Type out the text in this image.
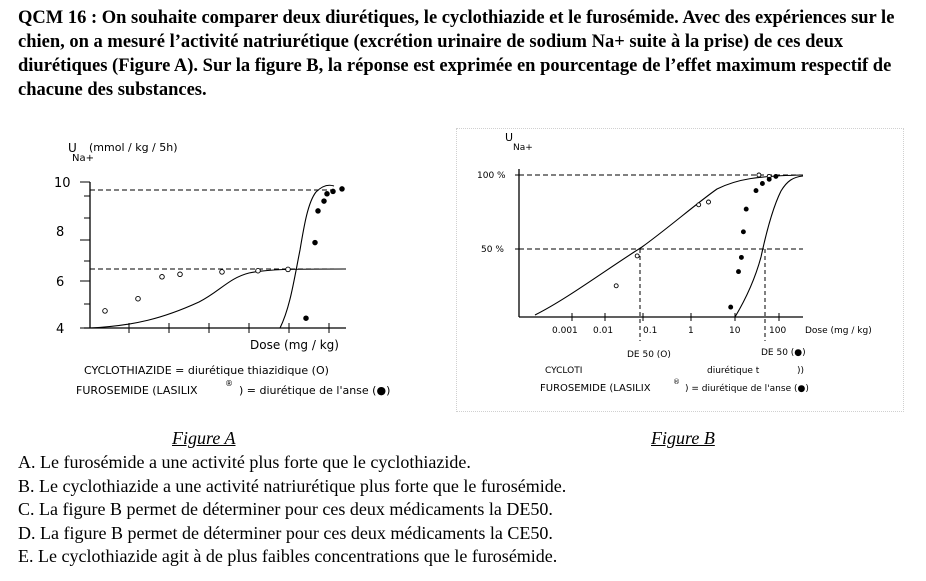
QCM 16 : On souhaite comparer deux diurétiques, le cyclothiazide et le furosémide. Avec des expériences sur le chien, on a mesuré l’activité natriurétique (excrétion urinaire de sodium Na+ suite à la prise) de ces deux diurétiques (Figure A). Sur la figure B, la réponse est exprimée en pourcentage de l’effet maximum respectif de chacune des substances.

U
Na+
(mmol / kg / 5h)
10
8
6
4
Dose (mg / kg)
CYCLOTHIAZIDE = diurétique thiazidique (O)
FUROSEMIDE (LASILIX
®
) = diurétique de l'anse (●)
U
Na+
100 %
50 %
0.001 0.01	0.1	1	10	100 Dose (mg / kg)
DE 50 (O)	DE 50 (●)
CYCLOTI	diurétique t	))
FUROSEMIDE (LASILIX
®
) = diurétique de l'anse (●)
Figure A	Figure B
A. Le furosémide a une activité plus forte que le cyclothiazide.
B. Le cyclothiazide a une activité natriurétique plus forte que le furosémide.
C. La figure B permet de déterminer pour ces deux médicaments la DE50.
D. La figure B permet de déterminer pour ces deux médicaments la CE50.
E. Le cyclothiazide agit à de plus faibles concentrations que le furosémide.
